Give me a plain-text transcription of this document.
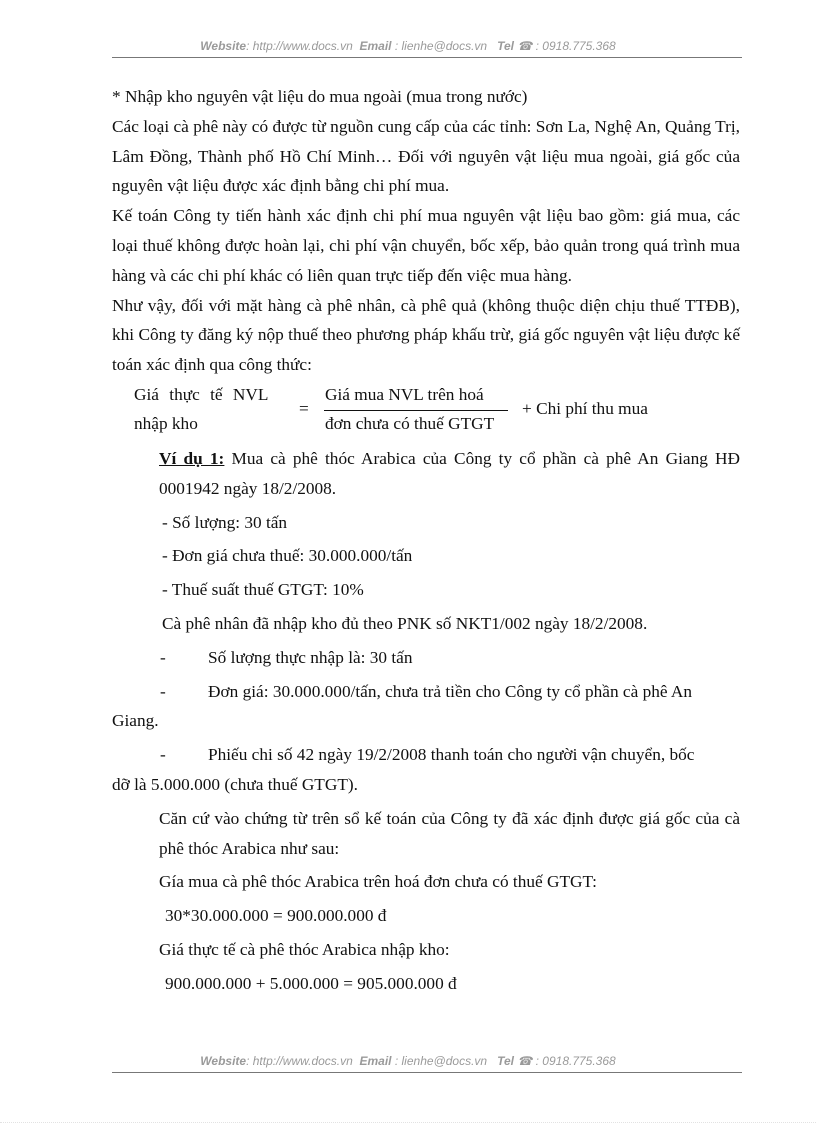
Website: http://www.docs.vn Email : lienhe@docs.vn Tel ☎ : 0918.775.368

* Nhập kho nguyên vật liệu do mua ngoài (mua trong nước)

Các loại cà phê này có được từ nguồn cung cấp của các tỉnh: Sơn La, Nghệ An, Quảng Trị, Lâm Đồng, Thành phố Hồ Chí Minh… Đối với nguyên vật liệu mua ngoài, giá gốc của nguyên vật liệu được xác định bằng chi phí mua.

Kế toán Công ty tiến hành xác định chi phí mua nguyên vật liệu bao gồm: giá mua, các loại thuế không được hoàn lại, chi phí vận chuyển, bốc xếp, bảo quản trong quá trình mua hàng và các chi phí khác có liên quan trực tiếp đến việc mua hàng.

Như vậy, đối với mặt hàng cà phê nhân, cà phê quả (không thuộc diện chịu thuế TTĐB), khi Công ty đăng ký nộp thuế theo phương pháp khấu trừ, giá gốc nguyên vật liệu được kế toán xác định qua công thức:

Giá thực tế NVL
nhập kho
=
Giá mua NVL trên hoá
đơn chưa có thuế GTGT
+ Chi phí thu mua

Ví dụ 1: Mua cà phê thóc Arabica của Công ty cổ phần cà phê An Giang HĐ 0001942 ngày 18/2/2008.

- Số lượng: 30 tấn

- Đơn giá chưa thuế: 30.000.000/tấn

- Thuế suất thuế GTGT: 10%

Cà phê nhân đã nhập kho đủ theo PNK số NKT1/002 ngày 18/2/2008.

-	Số lượng thực nhập là: 30 tấn

-	Đơn giá: 30.000.000/tấn, chưa trả tiền cho Công ty cổ phần cà phê An

Giang.

-	Phiếu chi số 42 ngày 19/2/2008 thanh toán cho người vận chuyển, bốc

dỡ là 5.000.000 (chưa thuế GTGT).

Căn cứ vào chứng từ trên sổ kế toán của Công ty đã xác định được giá gốc của cà phê thóc Arabica như sau:

Gía mua cà phê thóc Arabica trên hoá đơn chưa có thuế GTGT:

30*30.000.000 = 900.000.000 đ

Giá thực tế cà phê thóc Arabica nhập kho:

900.000.000 + 5.000.000 = 905.000.000 đ

Website: http://www.docs.vn Email : lienhe@docs.vn Tel ☎ : 0918.775.368
